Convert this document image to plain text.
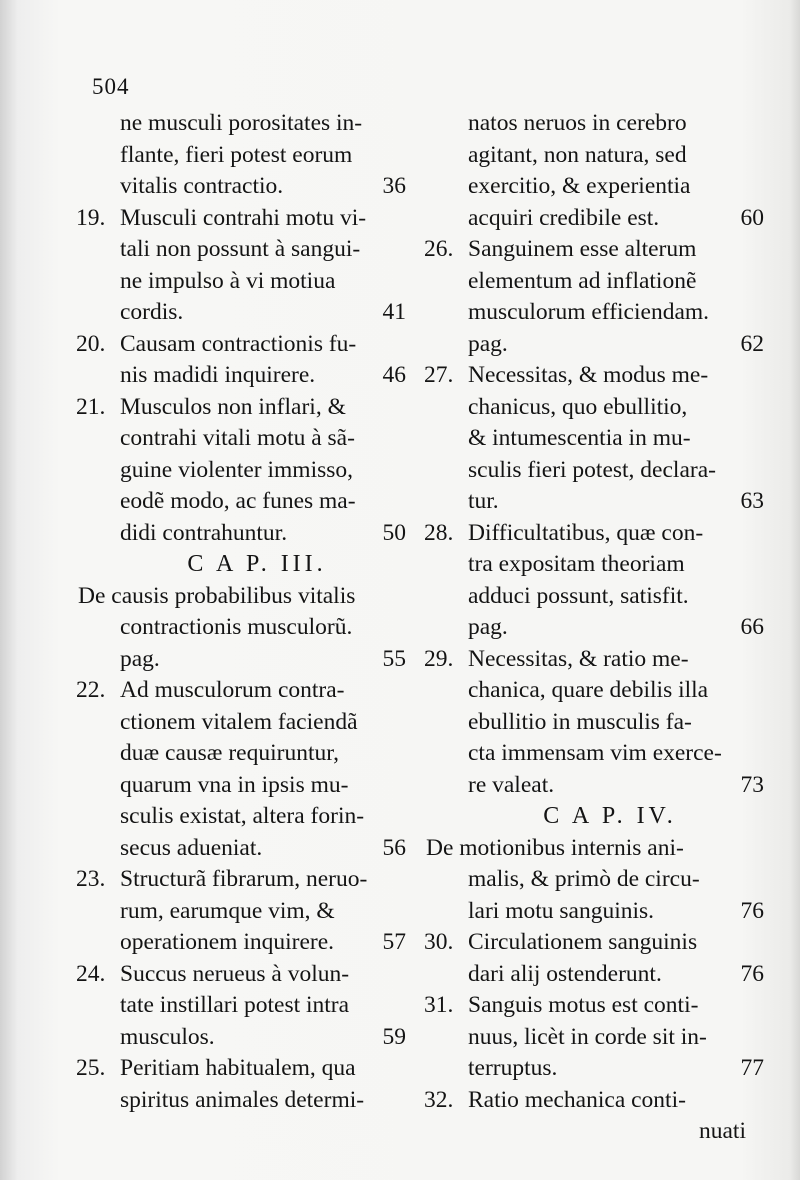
504
ne musculi porositates in-
flante, fieri potest eorum
36
vitalis contractio.
19. Musculi contrahi motu vi-
tali non possunt à sangui-
ne impulso à vi motiua
41
cordis.
20. Causam contractionis fu-
46
nis madidi inquirere.
21. Musculos non inflari, &
contrahi vitali motu à sã-
guine violenter immisso,
eodẽ modo, ac funes ma-
50
didi contrahuntur.
C A P. III.
De causis probabilibus vitalis
contractionis musculorũ.
55
pag.
22. Ad musculorum contra-
ctionem vitalem faciendã
duæ causæ requiruntur,
quarum vna in ipsis mu-
sculis existat, altera forin-
56
secus adueniat.
23. Structurã fibrarum, neruo-
rum, earumque vim, &
57
operationem inquirere.
24. Succus nerueus à volun-
tate instillari potest intra
59
musculos.
25. Peritiam habitualem, qua
spiritus animales determi-
natos neruos in cerebro
agitant, non natura, sed
exercitio, & experientia
60
acquiri credibile est.
26. Sanguinem esse alterum
elementum ad inflationẽ
musculorum efficiendam.
62
pag.
27. Necessitas, & modus me-
chanicus, quo ebullitio,
& intumescentia in mu-
sculis fieri potest, declara-
63
tur.
28. Difficultatibus, quæ con-
tra expositam theoriam
adduci possunt, satisfit.
66
pag.
29. Necessitas, & ratio me-
chanica, quare debilis illa
ebullitio in musculis fa-
cta immensam vim exerce-
73
re valeat.
C A P. IV.
De motionibus internis ani-
malis, & primò de circu-
76
lari motu sanguinis.
30. Circulationem sanguinis
76
dari alij ostenderunt.
31. Sanguis motus est conti-
nuus, licèt in corde sit in-
77
terruptus.
32. Ratio mechanica conti-
nuati
